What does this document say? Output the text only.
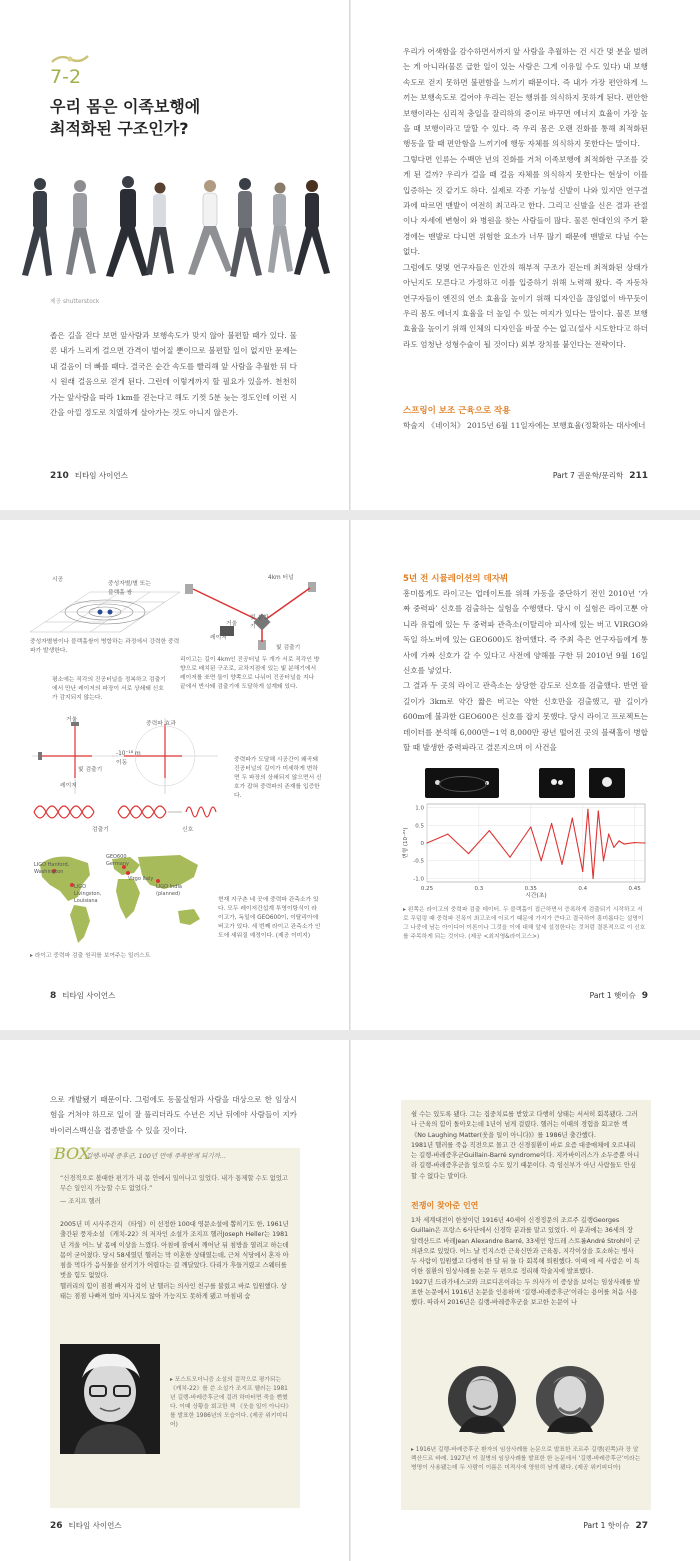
7-2
우리 몸은 이족보행에
최적화된 구조인가?
제공 shutterstock
좁은 길을 걷다 보면 앞사람과 보행속도가 맞지 않아 불편할 때가 있다. 물론 내가 느리게 걸으면 간격이 벌어질 뿐이므로 불편할 일이 없지만 문제는 내 걸음이 더 빠를 때다. 결국은 순간 속도를 빨리해 앞 사람을 추월한 뒤 다시 원래 걸음으로 걷게 된다. 그런데 이렇게까지 할 필요가 있을까. 천천히 가는 앞사람을 따라 1km를 걷는다고 해도 기껏 5분 늦는 정도인데 이런 시간을 아낄 정도로 치열하게 살아가는 것도 아니지 않은가.
210 티타임 사이언스
우리가 어색함을 감수하면서까지 앞 사람을 추월하는 건 시간 몇 분을 벌려는 게 아니라(물론 급한 일이 있는 사람은 그게 이유일 수도 있다) 내 보행속도로 걷지 못하면 불편함을 느끼기 때문이다. 즉 내가 가장 편안하게 느끼는 보행속도로 걸어야 우리는 걷는 행위를 의식하지 못하게 된다. 편안한 보행이라는 심리적 충일을 잘리하의 중이로 바꾸면 에너지 효율이 가장 높을 때 보행이라고 말할 수 있다. 즉 우리 몸은 오랜 진화를 통해 최적화된 행동을 할 때 편안함을 느끼기에 행동 자체를 의식하지 못한다는 말이다.
그렇다면 인류는 수백만 년의 진화를 거쳐 이족보행에 최적화한 구조를 갖게 된 걸까? 우리가 걸을 때 걸음 자체를 의식하지 못한다는 현상이 이를 입증하는 것 같기도 하다. 실제로 각종 기능성 신발이 나와 있지만 연구결과에 따르면 맨발이 여전히 최고라고 한다. 그리고 신발을 신은 결과 관절이나 자세에 변형이 와 병원을 찾는 사람들이 많다. 물론 현대인의 주거 환경에는 맨발로 다니면 위험한 요소가 너무 많기 때문에 맨발로 다닐 수는 없다.
그럼에도 몇몇 연구자들은 인간의 해부적 구조가 걷는데 최적화된 상태가 아닌지도 모른다고 가정하고 이를 입증하기 위해 노력해 왔다. 즉 자동차 연구자들이 엔진의 연소 효율을 높이기 위해 디자인을 끊임없이 바꾸듯이 우리 몸도 에너지 효율을 더 높일 수 있는 여지가 있다는 말이다. 물론 보행효율을 높이기 위해 인체의 디자인을 바꿀 수는 없고(설사 시도한다고 하더라도 엄청난 성형수술이 될 것이다) 외부 장치를 붙인다는 전략이다.
스프링이 보조 근육으로 작용
학술지 《네이처》 2015년 6월 11일자에는 보행효율(정확하는 대사에너
Part 7 권운학/문리학 211
시공
중성자별/별 또는 블랙홀 쌍
중성자별쌍이나 블랙홀쌍이 병합하는 과정에서 강력한 중력파가 발생한다.
4km 터널
거울
빛 분할기
레이저
빛 검출기
리이고는 길이 4km인 진공터널 두 개가 서로 직각인 방향으로 배치된 구조로, 교차지점에 있는 빛 분해기에서 레이저를 쏘면 둘이 양쪽으로 나뉘어 진공터널을 지나 끝에서 반사돼 검출기에 도달하게 설계돼 있다.
평소에는 직각의 진공터널을 정복하고 검출기에서 만난 레이저의 파장이 서로 상쇄돼 신호가 감지되지 않는다.
거울
빛 검출기
레이저
중력파 효과
-10⁻¹⁸ m 이동	중력파가 도달해 시공간이 왜곡돼 진공터널의 길이가 미세하게 변하면 두 파장의 상쇄되지 않으면서 신호가 잡혀 중력파의 존재를 입증한다.
검출기	신호
LIGO Hanford, Washington
LIGO Livingston, Louisiana
GEO600 Germany
Virgo Italy
LIGO India (planned)
현재 지구촌 네 곳에 중력파 관측소가 있다. 모두 레이저간섭계 투영이탕식이 라이고가, 독일에 GEO600이, 이탈리아에 버고가 있다. 세 번째 라이고 관측소가 인도에 세워질 예정이다. (제공 이미지)
▸ 라이고 중력파 검출 원리를 보여주는 일러스트
8 티타임 사이언스
5년 전 시뮬레이션의 데자뷔
흥미롭게도 라이고는 업데이트를 위해 가동을 중단하기 전인 2010년 ‘가짜 중력파’ 신호를 검출하는 실험을 수행했다. 당시 이 실험은 라이고뿐 아니라 유럽에 있는 두 중력파 관측소(이탈리아 피사에 있는 버고 VIRGO와 독일 하노버에 있는 GEO600)도 참여했다. 즉 주최 측은 연구자들에게 통사에 가짜 신호가 갈 수 있다고 사전에 양해를 구한 뒤 2010년 9월 16일 신호를 넣었다.
그 결과 두 곳의 라이고 관측소는 상당한 감도로 신호를 검출했다. 반면 팔 길이가 3km로 약간 짧은 버고는 약한 신호만을 검출했고, 팔 길이가 600m에 불과한 GEO600은 신호를 잡지 못했다. 당시 라이고 프로젝트는 데이터를 분석해 6,000만~1억 8,000만 광년 떨어진 곳의 블랙홀이 병합할 때 발생한 중력파라고 결론지으며 이 사건을
0.25	0.3	0.35	0.4	0.45
1.0
0.5
0
-0.5
-1.0
시간(초)
변형 (10⁻²¹)
▸ 왼쪽은 라이고의 중력파 검출 데이터. 두 블랙홀이 접근하면서 증폭하게 검출되기 시작하고 서로 무덤링 때 중력파 진폭이 최고조에 이르기 때문에 가지가 큰다고 결국하여 흥미롭다는 설명이 그 나중에 남는 아이디어 이론이나 그것을 이에 대해 앞세 설정한다는 것처럼 결론적으로 이 신호를 주목하게 되는 것이다. (제공 <최지영&라이고스>)
Part 1 햇이슈 9
으로 개발됐기 때문이다. 그럼에도 동물실험과 사람을 대상으로 한 임상시험을 거쳐야 하므로 일이 잘 풀리더라도 수년은 지난 뒤에야 사람들이 지카바이러스백신을 접종받을 수 있을 것이다.
BOX
길랭-바레 증후군, 100년 만에 주목받게 되기까...
“신경적으로 볼때한 편기가 내 몸 안에서 일어나고 있었다. 내가 통제할 수도 없었고 무슨 일인지 가능할 수도 없었다.”
— 조지프 헬러
2005년 미 시사주간지 《타임》이 선정한 100대 영문소설에 뽑히기도 한, 1961년 출간된 풍자소설 《캐치-22》의 저자인 소설가 조지프 헬러Joseph Heller는 1981년 겨울 어느 날 몸에 이상을 느꼈다. 아침에 잠에서 깨어난 뒤 침방을 열려고 하는데 몸이 굳어졌다. 당시 58세였던 헬러는 막 이혼한 상태였는데, 근처 식당에서 혼자 아침을 먹다가 음식물을 삼키기가 어렵다는 걸 깨달았다. 다리가 후들거렸고 스웨터를 벗을 힘도 없었다.
헬러리의 힘이 점점 빠지자 겁이 난 헬러는 의사인 친구를 불렀고 바로 입원했다. 상태는 점점 나빠져 얼마 지나지도 않아 가능지도 못하게 됐고 마침내 숨
▸ 포스트모더니즘 소설의 걸작으로 평가되는 《캐치-22》를 쓴 소설가 조지프 헬러는 1981년 길랭-바레증후군에 걸려 하마터면 죽을 뻔했다. 이때 상황을 회고한 책 《웃을 일이 아니다》를 발표한 1986년의 모습이다. (제공 위키미디어)
26 티타임 사이언스
쉴 수는 있도록 됐다. 그는 집중치료를 받았고 다행히 상태는 서서히 회복됐다. 그러나 근육의 힘이 돌아오는데 1년이 넘게 걸렸다. 헬러는 이때의 경험을 회고한 책 《No Laughing Matter(웃을 일이 아니다)》를 1986년 출간했다.
1981년 헬러를 죽음 직전으로 몰고 간 신경질환이 바로 요즘 대중매체에 오르내리는 길랭-바레증후군Guillain-Barré syndrome이다. 지카바이러스가 소두증뿐 아니라 길랭-바레증후군을 일으킬 수도 있기 때문이다. 즉 임신부가 아닌 사람들도 안심할 수 없다는 말이다.
전쟁이 찾아준 인연
1차 세계대전이 한창이던 1916년 40세이 신경정문의 조르주 길랭Georges Guillain은 프랑스 6사단에서 신경학 분과를 맡고 있었다. 이 분과에는 36세의 장 알렉산드르 바레Jean Alexandre Barré, 33세인 앙드레 스트롤André Strohl이 군의관으로 있었다. 어느 날 킨지스칸 근육신만과 근육통, 지각이상을 호소하는 병사 두 사람이 입원했고 다행히 한 달 뒤 둘 다 회복해 퇴원했다. 이때 에 세 사람은 이 특이한 질환의 임상사례를 논문 두 편으로 정리해 학술지에 발표했다.
1927년 드라가네스코와 크로디온이라는 두 의사가 이 증상을 보이는 임상사례를 발표한 논문에서 1916년 논문을 인용하며 ‘길랭-바레증후군’이라는 용어를 처음 사용했다. 따라서 2016년은 길랭-바레증후군을 보고한 논문이 나
▸ 1916년 길랭-바레증후군 환자의 임상사례를 논문으로 발표한 조르주 길랭(왼쪽)과 장 알렉산드르 바레. 1927년 이 질병의 임상사례를 발표한 한 논문에서 ‘길랭-바레증후군’이라는 병명이 사용됐는데 두 사람이 이름은 미적사에 영원히 남게 됐다. (제공 위키피디아)
Part 1 핫이슈 27
